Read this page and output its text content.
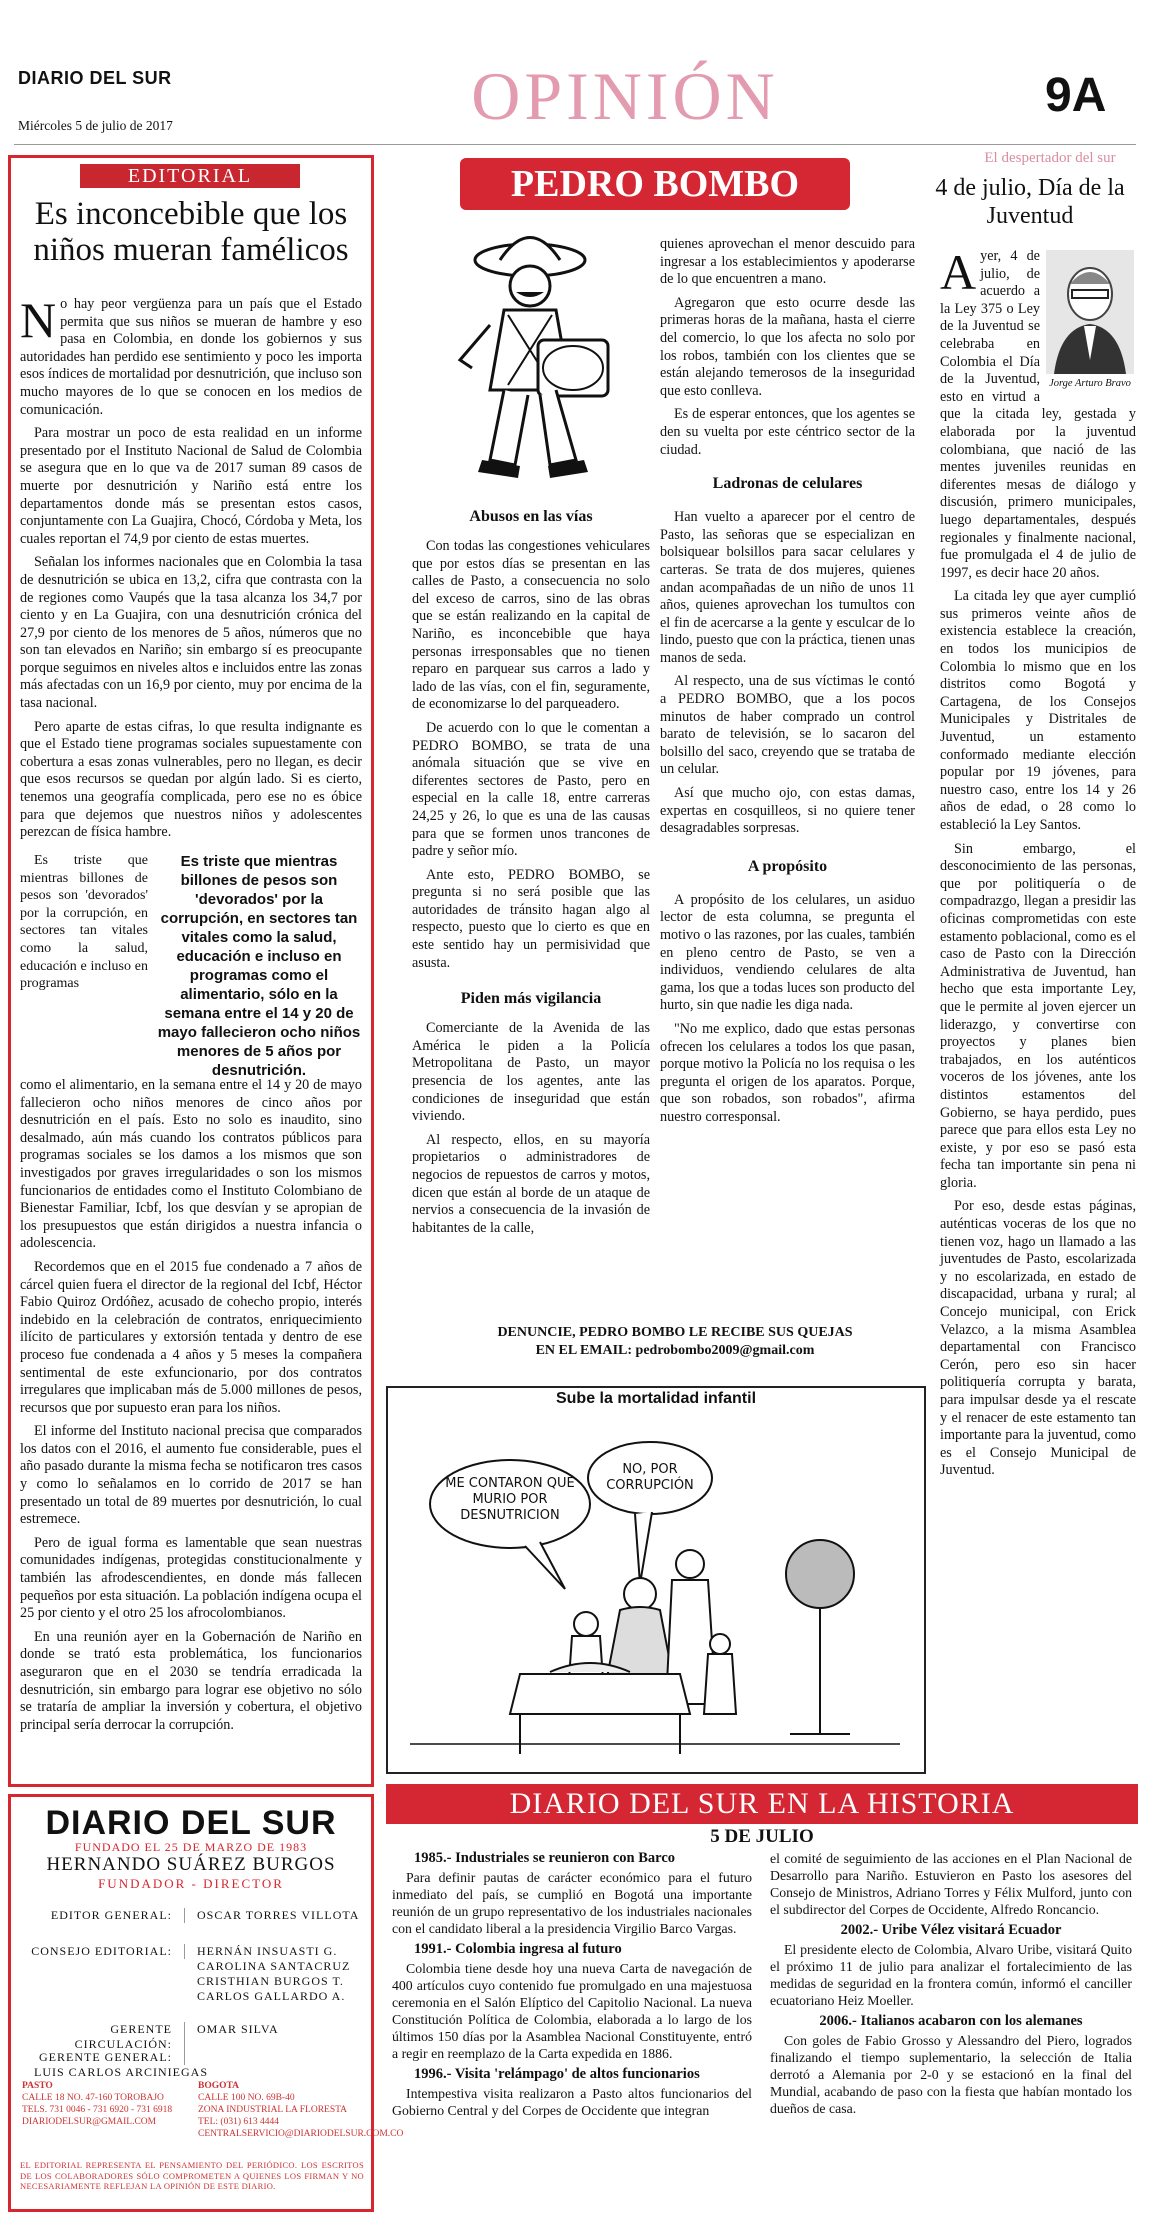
DIARIO DEL SUR
Miércoles 5 de julio de 2017	OPINIÓN	9A
EDITORIAL
Es inconcebible que los niños mueran famélicos

No hay peor vergüenza para un país que el Estado permita que sus niños se mueran de hambre y eso pasa en Colombia, en donde los gobiernos y sus autoridades han perdido ese sentimiento y poco les importa esos índices de mortalidad por desnutrición, que incluso son mucho mayores de lo que se conocen en los medios de comunicación.

Para mostrar un poco de esta realidad en un informe presentado por el Instituto Nacional de Salud de Colombia se asegura que en lo que va de 2017 suman 89 casos de muerte por desnutrición y Nariño está entre los departamentos donde más se presentan estos casos, conjuntamente con La Guajira, Chocó, Córdoba y Meta, los cuales reportan el 74,9 por ciento de estas muertes.

Señalan los informes nacionales que en Colombia la tasa de desnutrición se ubica en 13,2, cifra que contrasta con la de regiones como Vaupés que la tasa alcanza los 34,7 por ciento y en La Guajira, con una desnutrición crónica del 27,9 por ciento de los menores de 5 años, números que no son tan elevados en Nariño; sin embargo sí es preocupante porque seguimos en niveles altos e incluidos entre las zonas más afectadas con un 16,9 por ciento, muy por encima de la tasa nacional.

Pero aparte de estas cifras, lo que resulta indignante es que el Estado tiene programas sociales supuestamente con cobertura a esas zonas vulnerables, pero no llegan, es decir que esos recursos se quedan por algún lado. Si es cierto, tenemos una geografía complicada, pero ese no es óbice para que dejemos que nuestros niños y adolescentes perezcan de física hambre.

Es triste que mientras billones de pesos son 'devorados' por la corrupción, en sectores tan vitales como la salud, educación e incluso en programas

Es triste que mientras billones de pesos son 'devorados' por la corrupción, en sectores tan vitales como la salud, educación e incluso en programas como el alimentario, sólo en la semana entre el 14 y 20 de mayo fallecieron ocho niños menores de 5 años por desnutrición.

como el alimentario, en la semana entre el 14 y 20 de mayo fallecieron ocho niños menores de cinco años por desnutrición en el país. Esto no solo es inaudito, sino desalmado, aún más cuando los contratos públicos para programas sociales se los damos a los mismos que son investigados por graves irregularidades o son los mismos funcionarios de entidades como el Instituto Colombiano de Bienestar Familiar, Icbf, los que desvían y se apropian de los presupuestos que están dirigidos a nuestra infancia o adolescencia.

Recordemos que en el 2015 fue condenado a 7 años de cárcel quien fuera el director de la regional del Icbf, Héctor Fabio Quiroz Ordóñez, acusado de cohecho propio, interés indebido en la celebración de contratos, enriquecimiento ilícito de particulares y extorsión tentada y dentro de ese proceso fue condenada a 4 años y 5 meses la compañera sentimental de este exfuncionario, por dos contratos irregulares que implicaban más de 5.000 millones de pesos, recursos que por supuesto eran para los niños.

El informe del Instituto nacional precisa que comparados los datos con el 2016, el aumento fue considerable, pues el año pasado durante la misma fecha se notificaron tres casos y como lo señalamos en lo corrido de 2017 se han presentado un total de 89 muertes por desnutrición, lo cual estremece.

Pero de igual forma es lamentable que sean nuestras comunidades indígenas, protegidas constitucionalmente y también las afrodescendientes, en donde más fallecen pequeños por esta situación. La población indígena ocupa el 25 por ciento y el otro 25 los afrocolombianos.

En una reunión ayer en la Gobernación de Nariño en donde se trató esta problemática, los funcionarios aseguraron que en el 2030 se tendría erradicada la desnutrición, sin embargo para lograr ese objetivo no sólo se trataría de ampliar la inversión y cobertura, el objetivo principal sería derrocar la corrupción.

PEDRO BOMBO
Abusos en las vías

Con todas las congestiones vehiculares que por estos días se presentan en las calles de Pasto, a consecuencia no solo del exceso de carros, sino de las obras que se están realizando en la capital de Nariño, es inconcebible que haya personas irresponsables que no tienen reparo en parquear sus carros a lado y lado de las vías, con el fin, seguramente, de economizarse lo del parqueadero.

De acuerdo con lo que le comentan a PEDRO BOMBO, se trata de una anómala situación que se vive en diferentes sectores de Pasto, pero en especial en la calle 18, entre carreras 24,25 y 26, lo que es una de las causas para que se formen unos trancones de padre y señor mío.

Ante esto, PEDRO BOMBO, se pregunta si no será posible que las autoridades de tránsito hagan algo al respecto, puesto que lo cierto es que en este sentido hay un permisividad que asusta.

Piden más vigilancia

Comerciante de la Avenida de las América le piden a la Policía Metropolitana de Pasto, un mayor presencia de los agentes, ante las condiciones de inseguridad que están viviendo.

Al respecto, ellos, en su mayoría propietarios o administradores de negocios de repuestos de carros y motos, dicen que están al borde de un ataque de nervios a consecuencia de la invasión de habitantes de la calle,

quienes aprovechan el menor descuido para ingresar a los establecimientos y apoderarse de lo que encuentren a mano.

Agregaron que esto ocurre desde las primeras horas de la mañana, hasta el cierre del comercio, lo que los afecta no solo por los robos, también con los clientes que se están alejando temerosos de la inseguridad que esto conlleva.

Es de esperar entonces, que los agentes se den su vuelta por este céntrico sector de la ciudad.

Ladronas de celulares

Han vuelto a aparecer por el centro de Pasto, las señoras que se especializan en bolsiquear bolsillos para sacar celulares y carteras. Se trata de dos mujeres, quienes andan acompañadas de un niño de unos 11 años, quienes aprovechan los tumultos con el fin de acercarse a la gente y esculcar de lo lindo, puesto que con la práctica, tienen unas manos de seda.

Al respecto, una de sus víctimas le contó a PEDRO BOMBO, que a los pocos minutos de haber comprado un control barato de televisión, se lo sacaron del bolsillo del saco, creyendo que se trataba de un celular.

Así que mucho ojo, con estas damas, expertas en cosquilleos, si no quiere tener desagradables sorpresas.

A propósito

A propósito de los celulares, un asiduo lector de esta columna, se pregunta el motivo o las razones, por las cuales, también en pleno centro de Pasto, se ven a individuos, vendiendo celulares de alta gama, los que a todas luces son producto del hurto, sin que nadie les diga nada.

"No me explico, dado que estas personas ofrecen los celulares a todos los que pasan, porque motivo la Policía no los requisa o les pregunta el origen de los aparatos. Porque, que son robados, son robados", afirma nuestro corresponsal.

DENUNCIE, PEDRO BOMBO LE RECIBE SUS QUEJAS
EN EL EMAIL: pedrobombo2009@gmail.com
Sube la mortalidad infantil
ME CONTARON QUE MURIO POR DESNUTRICION
NO, POR CORRUPCIÓN
El despertador del sur
4 de julio, Día de la Juventud
Jorge Arturo Bravo

Ayer, 4 de julio, de acuerdo a la Ley 375 o Ley de la Juventud se celebraba en Colombia el Día de la Juventud, esto en virtud a que la citada ley, gestada y elaborada por la juventud colombiana, que nació de las mentes juveniles reunidas en diferentes mesas de diálogo y discusión, primero municipales, luego departamentales, después regionales y finalmente nacional, fue promulgada el 4 de julio de 1997, es decir hace 20 años.

La citada ley que ayer cumplió sus primeros veinte años de existencia establece la creación, en todos los municipios de Colombia lo mismo que en los distritos como Bogotá y Cartagena, de los Consejos Municipales y Distritales de Juventud, un estamento conformado mediante elección popular por 19 jóvenes, para nuestro caso, entre los 14 y 26 años de edad, o 28 como lo estableció la Ley Santos.

Sin embargo, el desconocimiento de las personas, que por politiquería o de compadrazgo, llegan a presidir las oficinas comprometidas con este estamento poblacional, como es el caso de Pasto con la Dirección Administrativa de Juventud, han hecho que esta importante Ley, que le permite al joven ejercer un liderazgo, y convertirse con proyectos y planes bien trabajados, en los auténticos voceros de los jóvenes, ante los distintos estamentos del Gobierno, se haya perdido, pues parece que para ellos esta Ley no existe, y por eso se pasó esta fecha tan importante sin pena ni gloria.

Por eso, desde estas páginas, auténticas voceras de los que no tienen voz, hago un llamado a las juventudes de Pasto, escolarizada y no escolarizada, en estado de discapacidad, urbana y rural; al Concejo municipal, con Erick Velazco, a la misma Asamblea departamental con Francisco Cerón, pero eso sin hacer politiquería corrupta y barata, para impulsar desde ya el rescate y el renacer de este estamento tan importante para la juventud, como es el Consejo Municipal de Juventud.

DIARIO DEL SUR
FUNDADO EL 25 DE MARZO DE 1983
HERNANDO SUÁREZ BURGOS
FUNDADOR - DIRECTOR
EDITOR GENERAL: OSCAR TORRES VILLOTA
CONSEJO EDITORIAL: HERNÁN INSUASTI G.
CAROLINA SANTACRUZ
CRISTHIAN BURGOS T.
CARLOS GALLARDO A.
GERENTE CIRCULACIÓN:OMAR SILVA
GERENTE GENERAL:LUIS CARLOS ARCINIEGAS
PASTO
CALLE 18 NO. 47-160 TOROBAJO
TELS. 731 0046 - 731 6920 - 731 6918
DIARIODELSUR@GMAIL.COM
BOGOTA
CALLE 100 NO. 69B-40
ZONA INDUSTRIAL LA FLORESTA
TEL: (031) 613 4444
CENTRALSERVICIO@DIARIODELSUR.COM.CO
EL EDITORIAL REPRESENTA EL PENSAMIENTO DEL PERIÓDICO. LOS ESCRITOS DE LOS COLABORADORES SÓLO COMPROMETEN A QUIENES LOS FIRMAN Y NO NECESARIAMENTE REFLEJAN LA OPINIÓN DE ESTE DIARIO.
DIARIO DEL SUR EN LA HISTORIA
5 DE JULIO
1985.- Industriales se reunieron con Barco

Para definir pautas de carácter económico para el futuro inmediato del país, se cumplió en Bogotá una importante reunión de un grupo representativo de los industriales nacionales con el candidato liberal a la presidencia Virgilio Barco Vargas.

1991.- Colombia ingresa al futuro

Colombia tiene desde hoy una nueva Carta de navegación de 400 artículos cuyo contenido fue promulgado en una majestuosa ceremonia en el Salón Elíptico del Capitolio Nacional. La nueva Constitución Política de Colombia, elaborada a lo largo de los últimos 150 días por la Asamblea Nacional Constituyente, entró a regir en reemplazo de la Carta expedida en 1886.

1996.- Visita 'relámpago' de altos funcionarios

Intempestiva visita realizaron a Pasto altos funcionarios del Gobierno Central y del Corpes de Occidente que integran

el comité de seguimiento de las acciones en el Plan Nacional de Desarrollo para Nariño. Estuvieron en Pasto los asesores del Consejo de Ministros, Adriano Torres y Félix Mulford, junto con el subdirector del Corpes de Occidente, Alfredo Roncancio.

2002.- Uribe Vélez visitará Ecuador

El presidente electo de Colombia, Alvaro Uribe, visitará Quito el próximo 11 de julio para analizar el fortalecimiento de las medidas de seguridad en la frontera común, informó el canciller ecuatoriano Heiz Moeller.

2006.- Italianos acabaron con los alemanes

Con goles de Fabio Grosso y Alessandro del Piero, logrados finalizando el tiempo suplementario, la selección de Italia derrotó a Alemania por 2-0 y se estacionó en la final del Mundial, acabando de paso con la fiesta que habían montado los dueños de casa.
